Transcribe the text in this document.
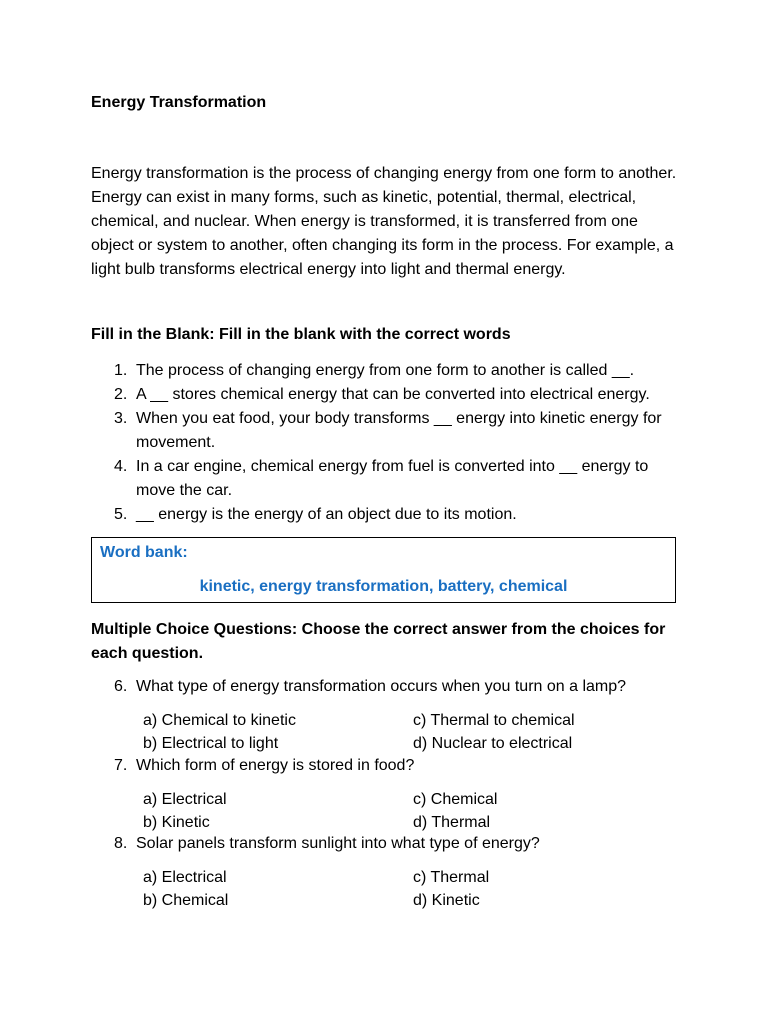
Energy Transformation
Energy transformation is the process of changing energy from one form to another. Energy can exist in many forms, such as kinetic, potential, thermal, electrical, chemical, and nuclear. When energy is transformed, it is transferred from one object or system to another, often changing its form in the process. For example, a light bulb transforms electrical energy into light and thermal energy.
Fill in the Blank: Fill in the blank with the correct words
1. The process of changing energy from one form to another is called __.
2. A __ stores chemical energy that can be converted into electrical energy.
3. When you eat food, your body transforms __ energy into kinetic energy for movement.
4. In a car engine, chemical energy from fuel is converted into __ energy to move the car.
5. __ energy is the energy of an object due to its motion.
Word bank:
kinetic, energy transformation, battery, chemical
Multiple Choice Questions: Choose the correct answer from the choices for each question.
6. What type of energy transformation occurs when you turn on a lamp?
a) Chemical to kinetic
b) Electrical to light
c) Thermal to chemical
d) Nuclear to electrical
7. Which form of energy is stored in food?
a) Electrical
b) Kinetic
c) Chemical
d) Thermal
8. Solar panels transform sunlight into what type of energy?
a) Electrical
b) Chemical
c) Thermal
d) Kinetic
